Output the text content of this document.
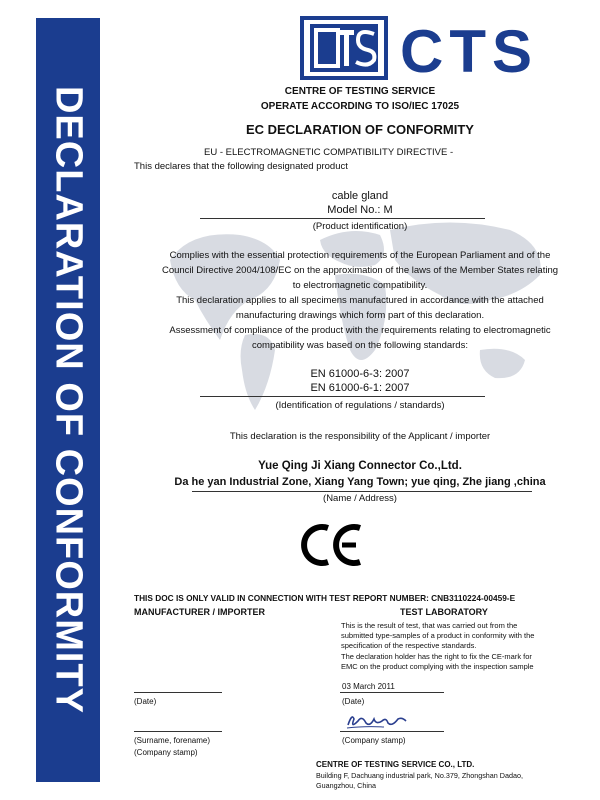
DECLARATION OF CONFORMITY
CTS
CENTRE OF TESTING SERVICE
OPERATE ACCORDING TO ISO/IEC 17025
EC DECLARATION OF CONFORMITY
EU - ELECTROMAGNETIC COMPATIBILITY DIRECTIVE -
This declares that the following designated product
cable gland
Model No.: M
(Product identification)
Complies with the essential protection requirements of the European Parliament and of the
Council Directive 2004/108/EC on the approximation of the laws of the Member States relating
to electromagnetic compatibility.
This declaration applies to all specimens manufactured in accordance with the attached
manufacturing drawings which form part of this declaration.
Assessment of compliance of the product with the requirements relating to electromagnetic
compatibility was based on the following standards:
EN 61000-6-3: 2007
EN 61000-6-1: 2007
(Identification of regulations / standards)
This declaration is the responsibility of the Applicant / importer
Yue Qing Ji Xiang Connector Co.,Ltd.
Da he yan Industrial Zone, Xiang Yang Town; yue qing, Zhe jiang ,china
(Name / Address)
THIS DOC IS ONLY VALID IN CONNECTION WITH TEST REPORT NUMBER: CNB3110224-00459-E
MANUFACTURER / IMPORTER	TEST LABORATORY
This is the result of test, that was carried out from the
submitted type-samples of a product in conformity with the
specification of the respective standards.
The declaration holder has the right to fix the CE-mark for
EMC on the product complying with the inspection sample
03 March 2011
(Date)	(Date)
(Surname, forename)	(Company stamp)
(Company stamp)
CENTRE OF TESTING SERVICE CO., LTD.
Building F, Dachuang industrial park, No.379, Zhongshan Dadao,
Guangzhou, China
